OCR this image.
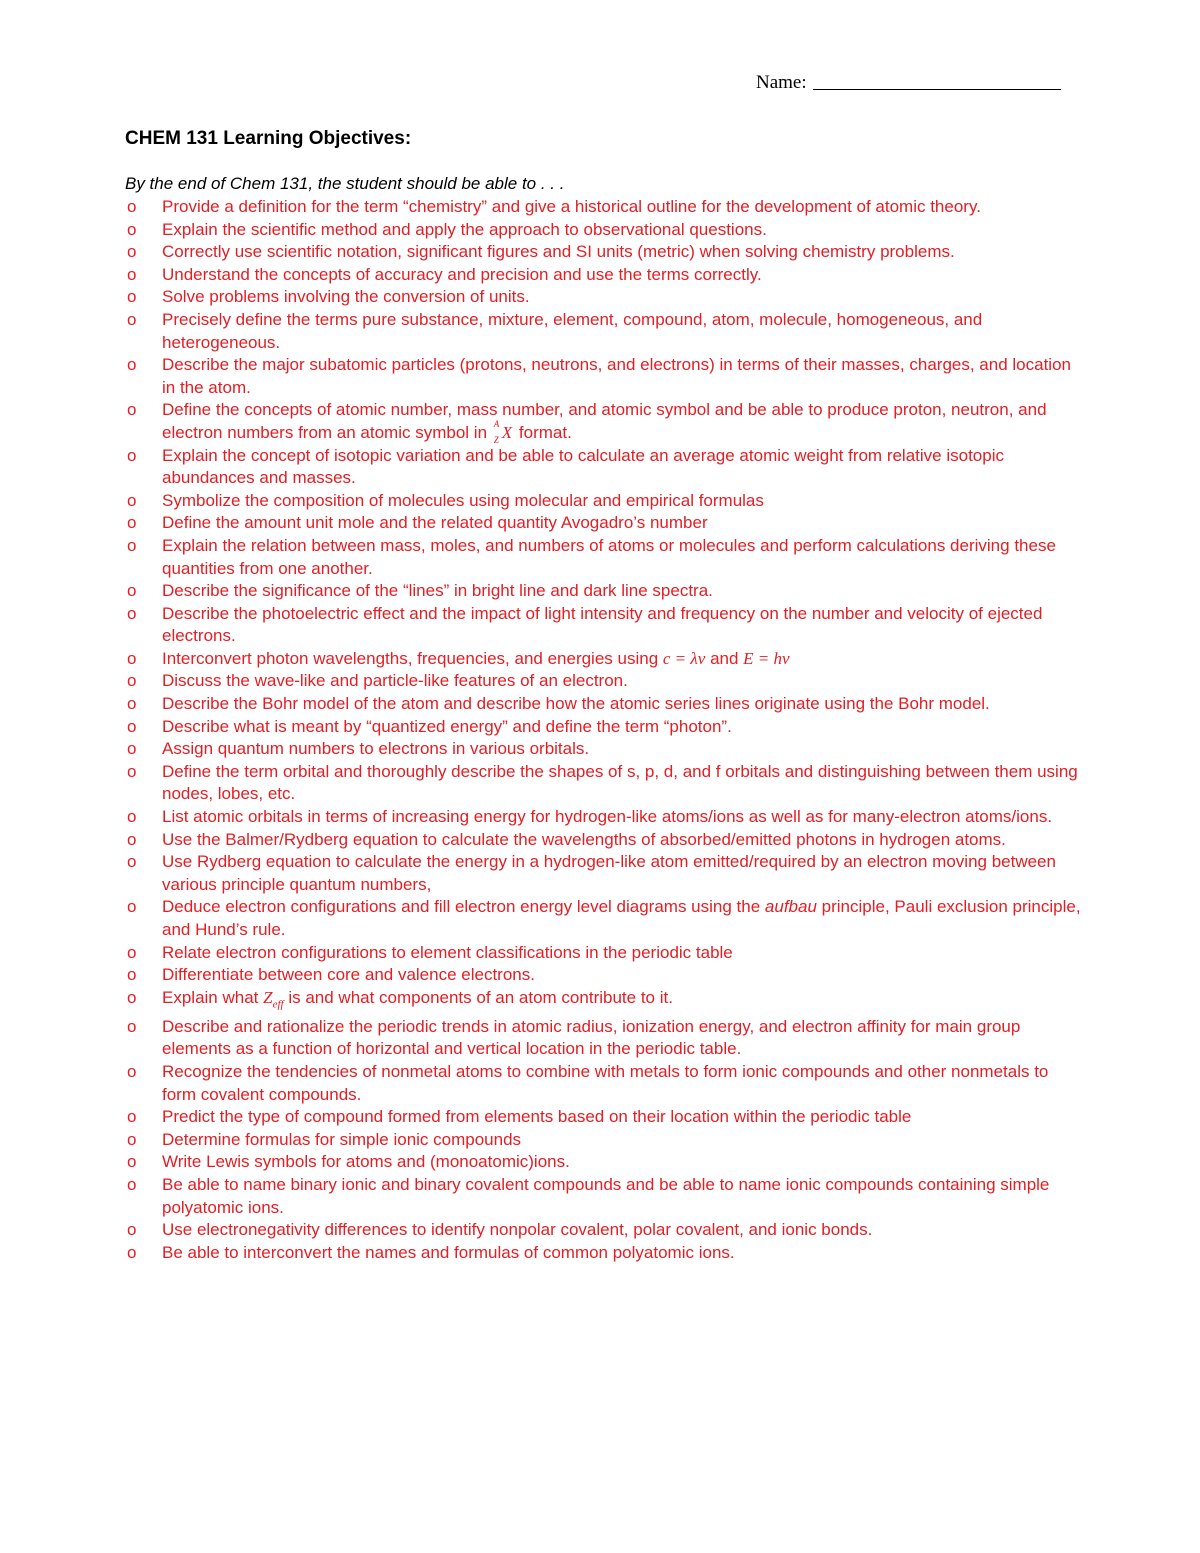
Name:
CHEM 131 Learning Objectives:
By the end of Chem 131, the student should be able to . . .
o Provide a definition for the term “chemistry” and give a historical outline for the development of atomic theory.
o Explain the scientific method and apply the approach to observational questions.
o Correctly use scientific notation, significant figures and SI units (metric) when solving chemistry problems.
o Understand the concepts of accuracy and precision and use the terms correctly.
o Solve problems involving the conversion of units.
o Precisely define the terms pure substance, mixture, element, compound, atom, molecule, homogeneous, and heterogeneous.
o Describe the major subatomic particles (protons, neutrons, and electrons) in terms of their masses, charges, and location in the atom.
o Define the concepts of atomic number, mass number, and atomic symbol and be able to produce proton, neutron, and electron numbers from an atomic symbol in A
Z X format.
o Explain the concept of isotopic variation and be able to calculate an average atomic weight from relative isotopic abundances and masses.
o Symbolize the composition of molecules using molecular and empirical formulas
o Define the amount unit mole and the related quantity Avogadro’s number
o Explain the relation between mass, moles, and numbers of atoms or molecules and perform calculations deriving these quantities from one another.
o Describe the significance of the “lines” in bright line and dark line spectra.
o Describe the photoelectric effect and the impact of light intensity and frequency on the number and velocity of ejected electrons.
o Interconvert photon wavelengths, frequencies, and energies using c = λν and E = hν
o Discuss the wave-like and particle-like features of an electron.
o Describe the Bohr model of the atom and describe how the atomic series lines originate using the Bohr model.
o Describe what is meant by “quantized energy” and define the term “photon”.
o Assign quantum numbers to electrons in various orbitals.
o Define the term orbital and thoroughly describe the shapes of s, p, d, and f orbitals and distinguishing between them using nodes, lobes, etc.
o List atomic orbitals in terms of increasing energy for hydrogen-like atoms/ions as well as for many-electron atoms/ions.
o Use the Balmer/Rydberg equation to calculate the wavelengths of absorbed/emitted photons in hydrogen atoms.
o Use Rydberg equation to calculate the energy in a hydrogen-like atom emitted/required by an electron moving between various principle quantum numbers,
o Deduce electron configurations and fill electron energy level diagrams using the aufbau principle, Pauli exclusion principle, and Hund’s rule.
o Relate electron configurations to element classifications in the periodic table
o Differentiate between core and valence electrons.
o Explain what $Z_{eff}$ is and what components of an atom contribute to it.
o Describe and rationalize the periodic trends in atomic radius, ionization energy, and electron affinity for main group elements as a function of horizontal and vertical location in the periodic table.
o Recognize the tendencies of nonmetal atoms to combine with metals to form ionic compounds and other nonmetals to form covalent compounds.
o Predict the type of compound formed from elements based on their location within the periodic table
o Determine formulas for simple ionic compounds
o Write Lewis symbols for atoms and (monoatomic)ions.
o Be able to name binary ionic and binary covalent compounds and be able to name ionic compounds containing simple polyatomic ions.
o Use electronegativity differences to identify nonpolar covalent, polar covalent, and ionic bonds.
o Be able to interconvert the names and formulas of common polyatomic ions.
